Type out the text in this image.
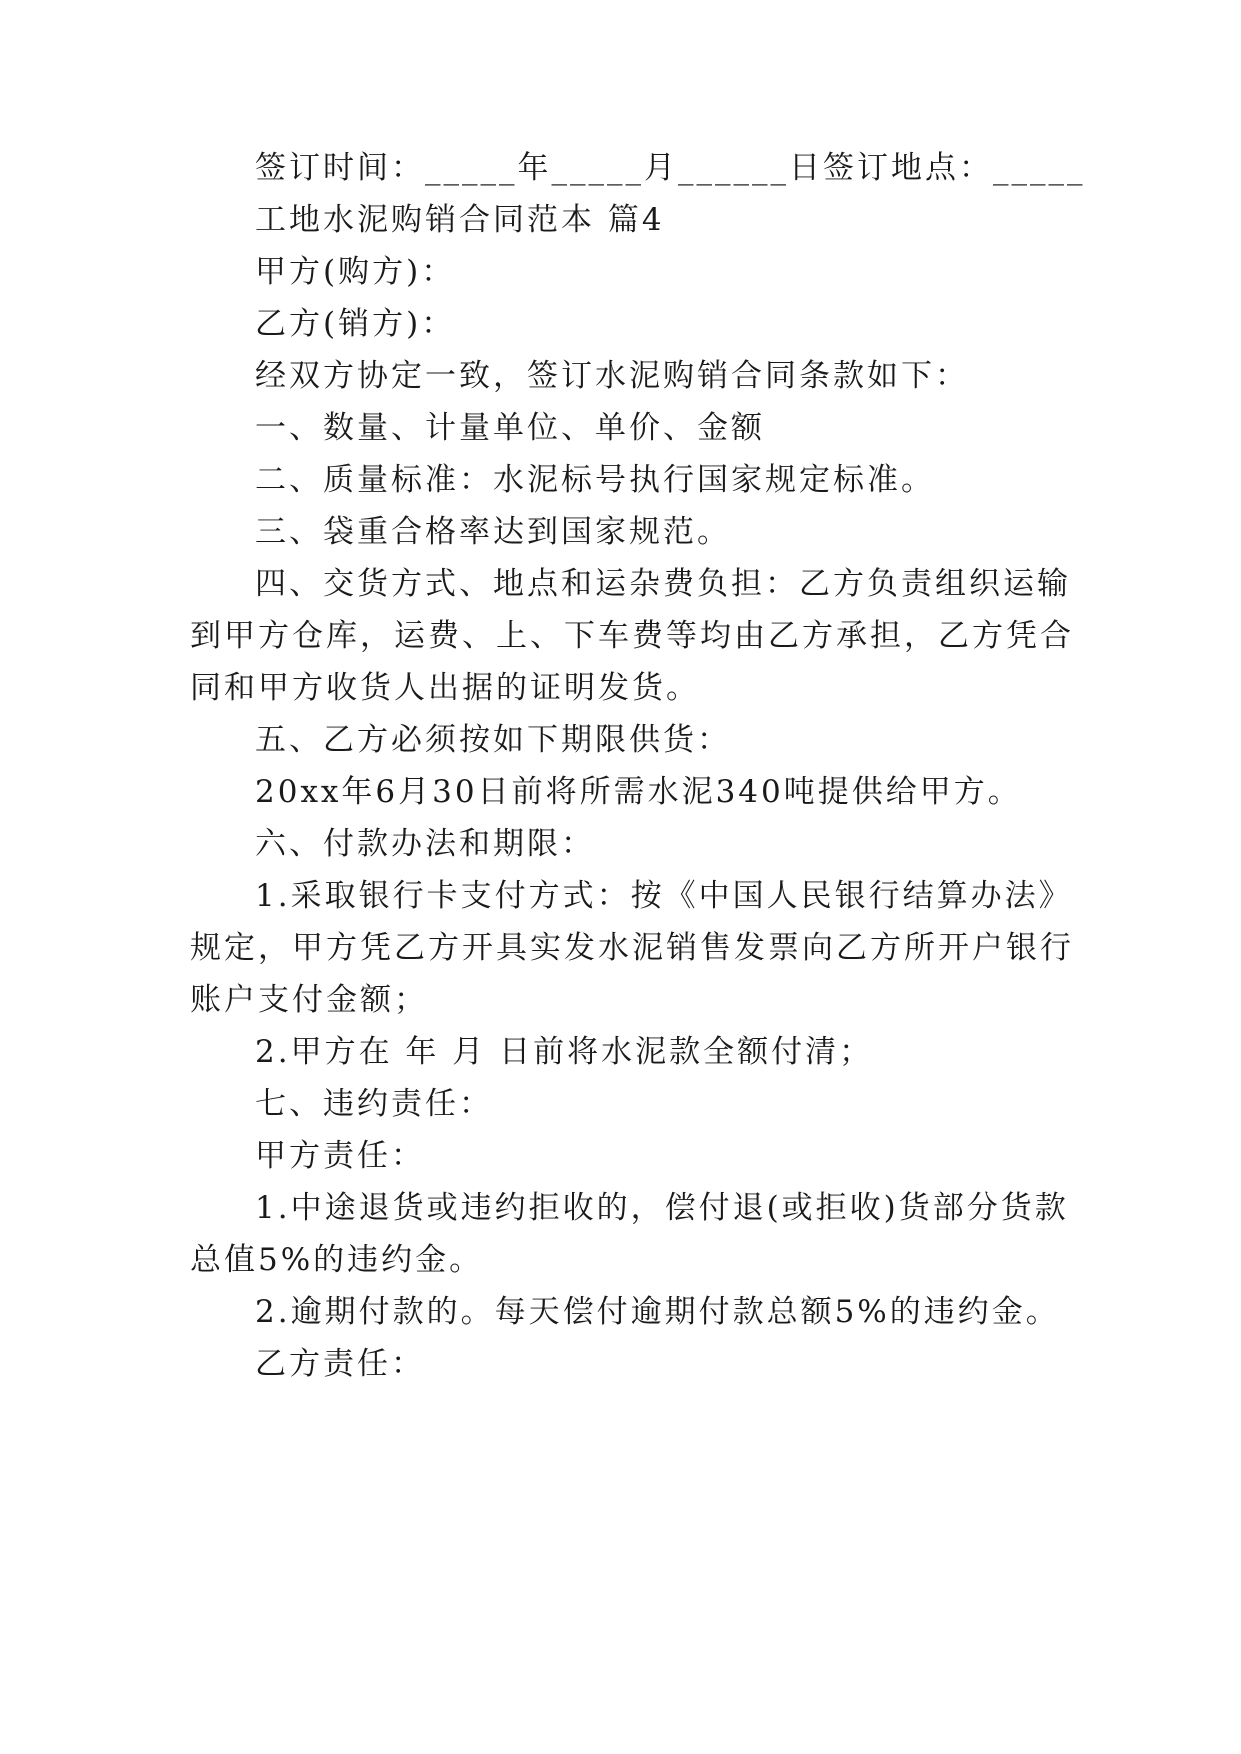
签订时间：_____年_____月______日签订地点：_____
工地水泥购销合同范本 篇4
甲方(购方)：
乙方(销方)：
经双方协定一致，签订水泥购销合同条款如下：
一、数量、计量单位、单价、金额
二、质量标准：水泥标号执行国家规定标准。
三、袋重合格率达到国家规范。
四、交货方式、地点和运杂费负担：乙方负责组织运输
到甲方仓库，运费、上、下车费等均由乙方承担，乙方凭合
同和甲方收货人出据的证明发货。
五、乙方必须按如下期限供货：
20xx年6月30日前将所需水泥340吨提供给甲方。
六、付款办法和期限：
1.采取银行卡支付方式：按《中国人民银行结算办法》
规定，甲方凭乙方开具实发水泥销售发票向乙方所开户银行
账户支付金额；
2.甲方在 年 月 日前将水泥款全额付清；
七、违约责任：
甲方责任：
1.中途退货或违约拒收的，偿付退(或拒收)货部分货款
总值5%的违约金。
2.逾期付款的。每天偿付逾期付款总额5%的违约金。
乙方责任：
